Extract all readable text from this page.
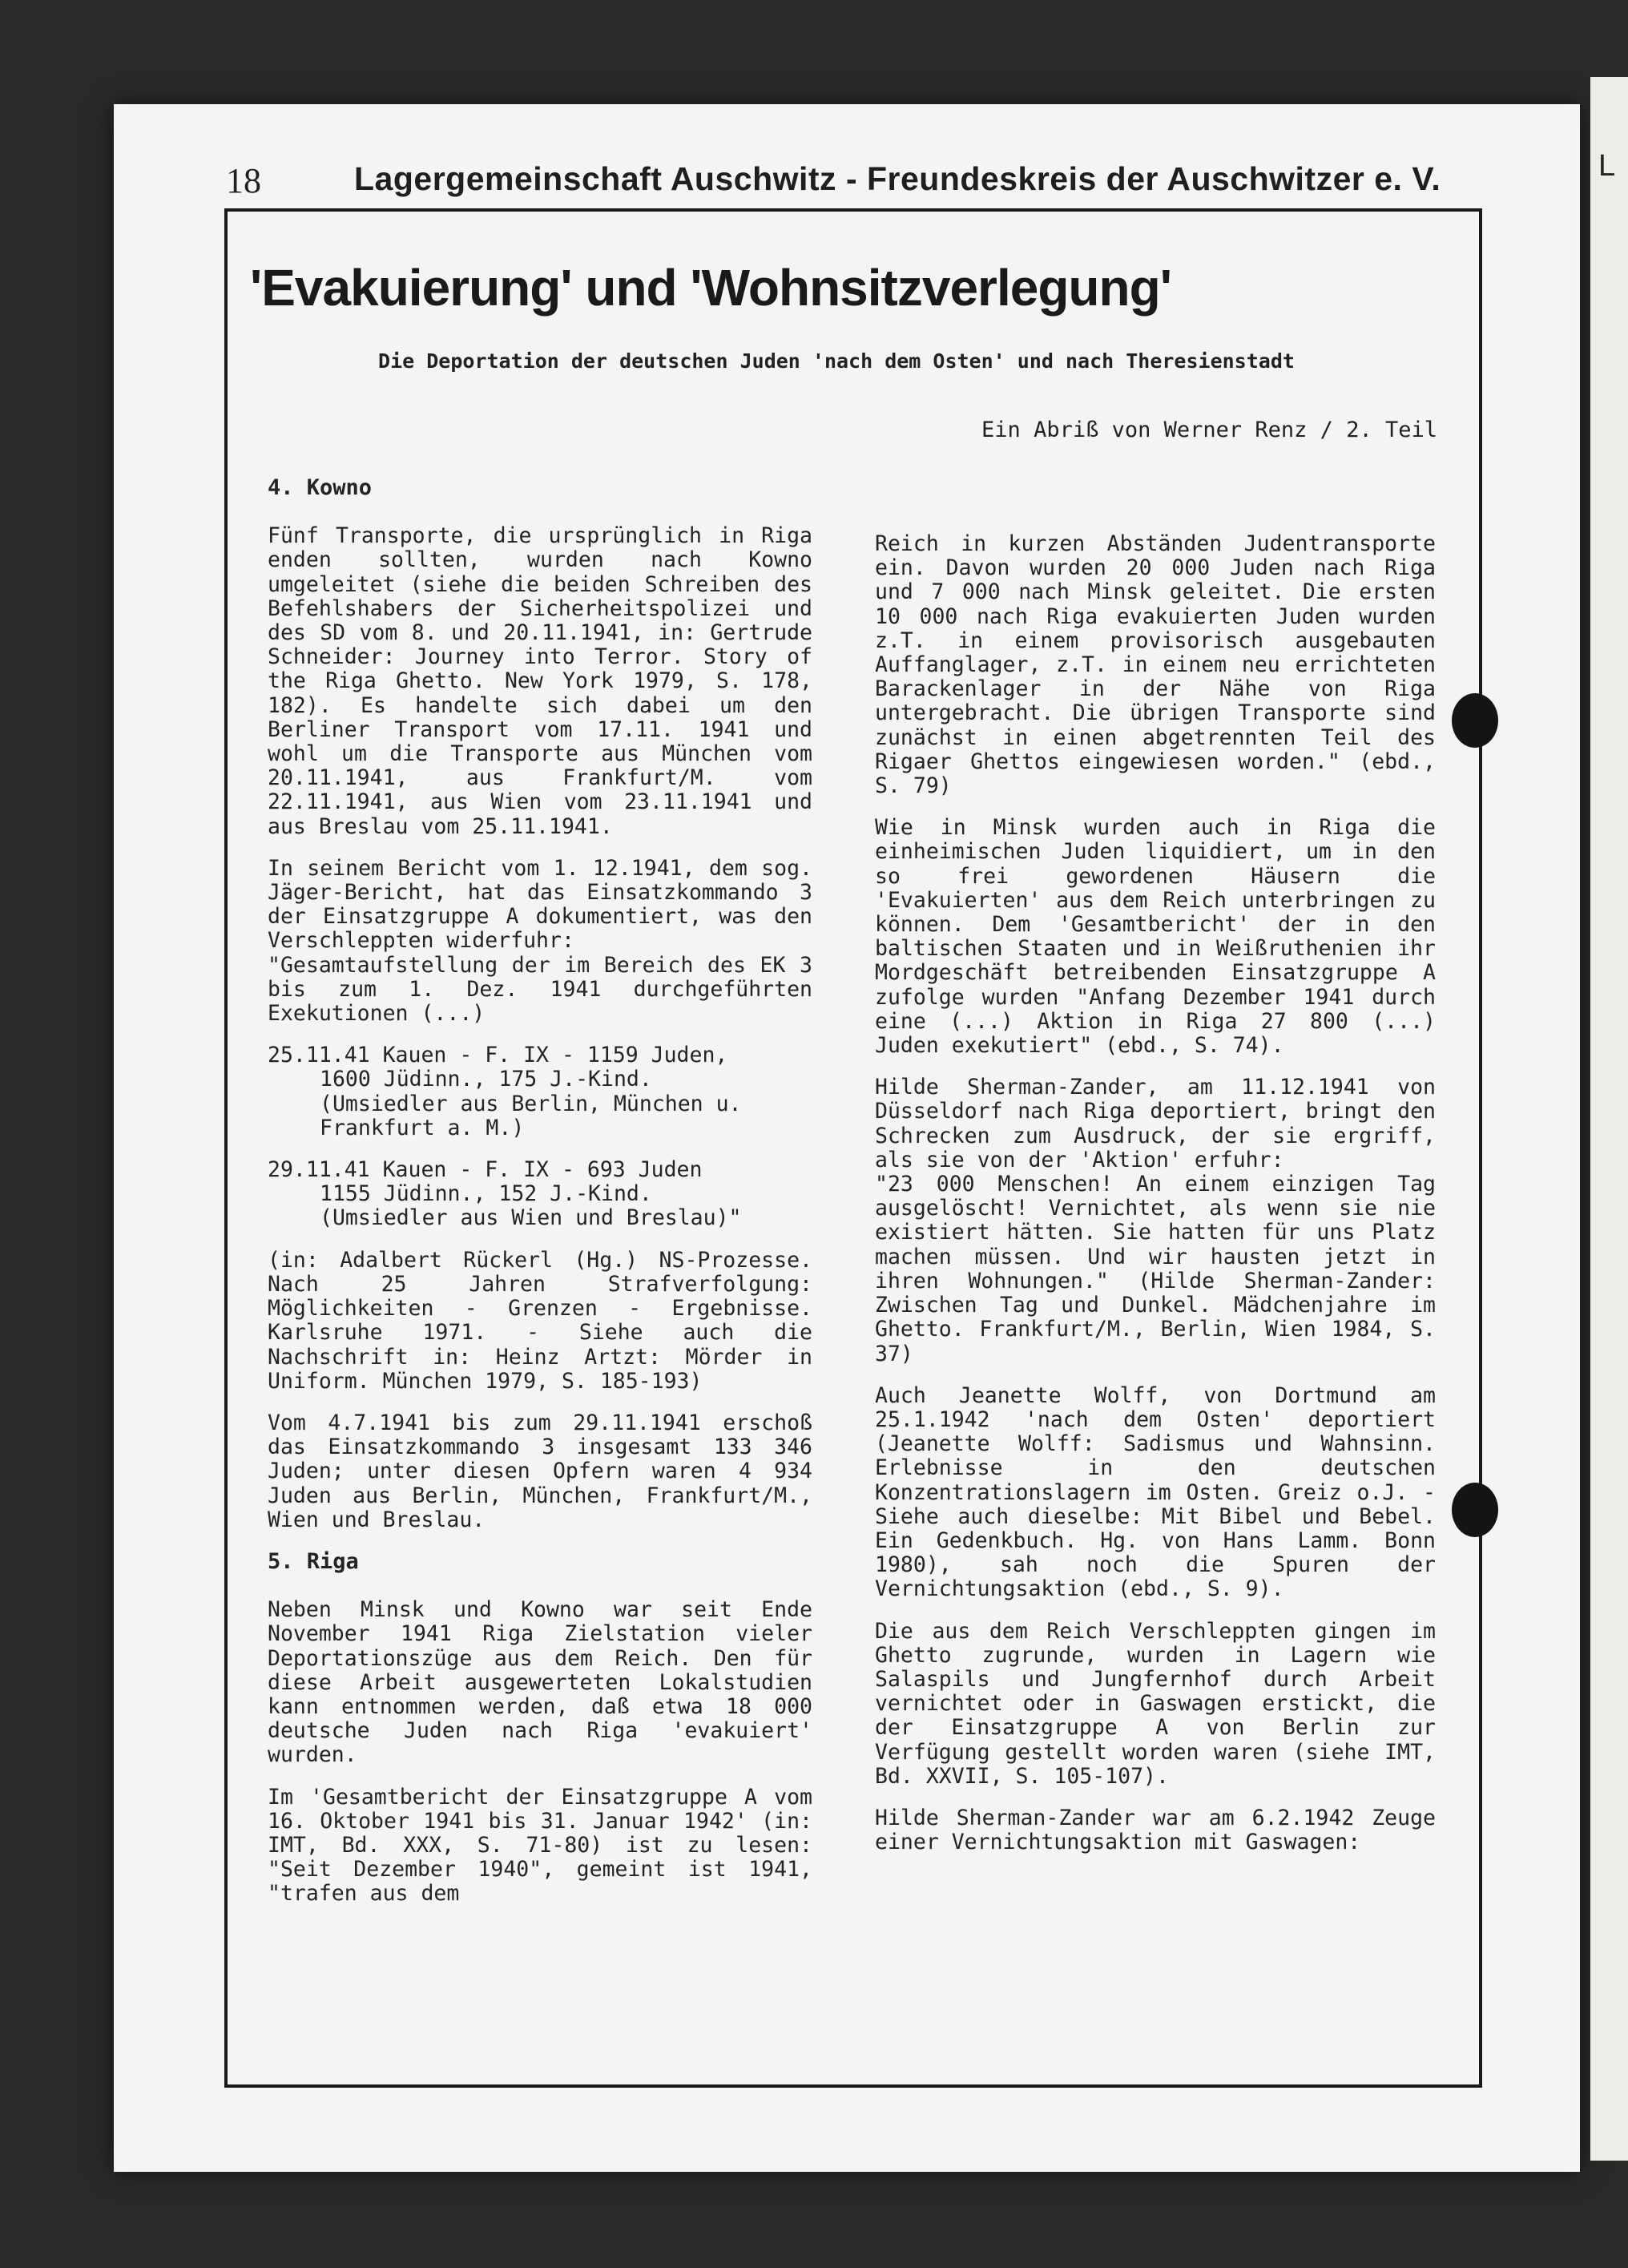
18	Lagergemeinschaft Auschwitz - Freundeskreis der Auschwitzer e. V.
'Evakuierung' und 'Wohnsitzverlegung'
Die Deportation der deutschen Juden 'nach dem Osten' und nach Theresienstadt
Ein Abriß von Werner Renz / 2. Teil
4. Kowno

Fünf Transporte, die ursprünglich in Riga enden sollten, wurden nach Kowno umgeleitet (siehe die beiden Schreiben des Befehlshabers der Sicherheitspolizei und des SD vom 8. und 20.11.1941, in: Gertrude Schneider: Journey into Terror. Story of the Riga Ghetto. New York 1979, S. 178, 182). Es handelte sich dabei um den Berliner Transport vom 17.11. 1941 und wohl um die Transporte aus München vom 20.11.1941, aus Frankfurt/M. vom 22.11.1941, aus Wien vom 23.11.1941 und aus Breslau vom 25.11.1941.

In seinem Bericht vom 1. 12.1941, dem sog. Jäger-Bericht, hat das Einsatzkommando 3 der Einsatzgruppe A dokumentiert, was den Verschleppten widerfuhr:
"Gesamtaufstellung der im Bereich des EK 3 bis zum 1. Dez. 1941 durchgeführten Exekutionen (...)

25.11.41 Kauen - F. IX - 1159 Juden,
1600 Jüdinn., 175 J.-Kind.
(Umsiedler aus Berlin, München u.
Frankfurt a. M.)
29.11.41 Kauen - F. IX - 693 Juden
1155 Jüdinn., 152 J.-Kind.
(Umsiedler aus Wien und Breslau)"

(in: Adalbert Rückerl (Hg.) NS-Prozesse. Nach 25 Jahren Strafverfolgung: Möglichkeiten - Grenzen - Ergebnisse. Karlsruhe 1971. - Siehe auch die Nachschrift in: Heinz Artzt: Mörder in Uniform. München 1979, S. 185-193)

Vom 4.7.1941 bis zum 29.11.1941 erschoß das Einsatzkommando 3 insgesamt 133 346 Juden; unter diesen Opfern waren 4 934 Juden aus Berlin, München, Frankfurt/M., Wien und Breslau.

5. Riga

Neben Minsk und Kowno war seit Ende November 1941 Riga Zielstation vieler Deportationszüge aus dem Reich. Den für diese Arbeit ausgewerteten Lokalstudien kann entnommen werden, daß etwa 18 000 deutsche Juden nach Riga 'evakuiert' wurden.

Im 'Gesamtbericht der Einsatzgruppe A vom 16. Oktober 1941 bis 31. Januar 1942' (in: IMT, Bd. XXX, S. 71-80) ist zu lesen: "Seit Dezember 1940", gemeint ist 1941, "trafen aus dem

Reich in kurzen Abständen Judentransporte ein. Davon wurden 20 000 Juden nach Riga und 7 000 nach Minsk geleitet. Die ersten 10 000 nach Riga evakuierten Juden wurden z.T. in einem provisorisch ausgebauten Auffanglager, z.T. in einem neu errichteten Barackenlager in der Nähe von Riga untergebracht. Die übrigen Transporte sind zunächst in einen abgetrennten Teil des Rigaer Ghettos eingewiesen worden." (ebd., S. 79)

Wie in Minsk wurden auch in Riga die einheimischen Juden liquidiert, um in den so frei gewordenen Häusern die 'Evakuierten' aus dem Reich unterbringen zu können. Dem 'Gesamtbericht' der in den baltischen Staaten und in Weißruthenien ihr Mordgeschäft betreibenden Einsatzgruppe A zufolge wurden "Anfang Dezember 1941 durch eine (...) Aktion in Riga 27 800 (...) Juden exekutiert" (ebd., S. 74).

Hilde Sherman-Zander, am 11.12.1941 von Düsseldorf nach Riga deportiert, bringt den Schrecken zum Ausdruck, der sie ergriff, als sie von der 'Aktion' erfuhr:
"23 000 Menschen! An einem einzigen Tag ausgelöscht! Vernichtet, als wenn sie nie existiert hätten. Sie hatten für uns Platz machen müssen. Und wir hausten jetzt in ihren Wohnungen." (Hilde Sherman-Zander: Zwischen Tag und Dunkel. Mädchenjahre im Ghetto. Frankfurt/M., Berlin, Wien 1984, S. 37)

Auch Jeanette Wolff, von Dortmund am 25.1.1942 'nach dem Osten' deportiert (Jeanette Wolff: Sadismus und Wahnsinn. Erlebnisse in den deutschen Konzentrationslagern im Osten. Greiz o.J. - Siehe auch dieselbe: Mit Bibel und Bebel. Ein Gedenkbuch. Hg. von Hans Lamm. Bonn 1980), sah noch die Spuren der Vernichtungsaktion (ebd., S. 9).

Die aus dem Reich Verschleppten gingen im Ghetto zugrunde, wurden in Lagern wie Salaspils und Jungfernhof durch Arbeit vernichtet oder in Gaswagen erstickt, die der Einsatzgruppe A von Berlin zur Verfügung gestellt worden waren (siehe IMT, Bd. XXVII, S. 105-107).

Hilde Sherman-Zander war am 6.2.1942 Zeuge einer Vernichtungsaktion mit Gaswagen:

L
